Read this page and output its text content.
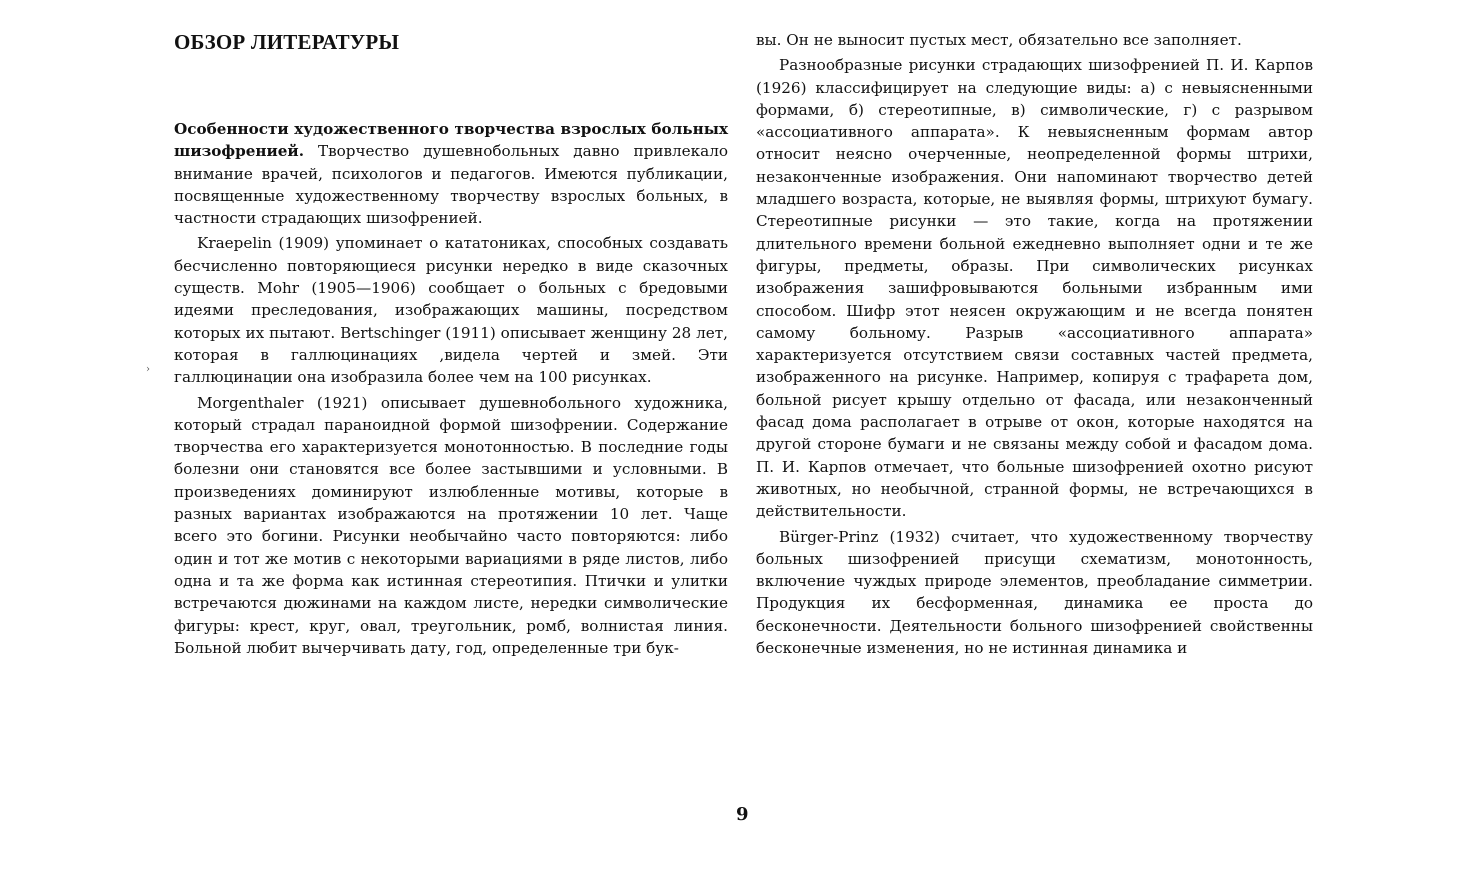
ОБЗОР ЛИТЕРАТУРЫ
›

Особенности художественного творчества взрослых больных шизофренией. Творчество душевнобольных давно привлекало внимание врачей, психологов и педагогов. Имеются публикации, посвященные художественному творчеству взрослых больных, в частности страдающих шизофренией.

Kraepelin (1909) упоминает о кататониках, способных создавать бесчисленно повторяющиеся рисунки нередко в виде сказочных существ. Mohr (1905—1906) сообщает о больных с бредовыми идеями преследования, изображающих машины, посредством которых их пытают. Bertschinger (1911) описывает женщину 28 лет, которая в галлюцинациях ,видела чертей и змей. Эти галлюцинации она изобразила более чем на 100 рисунках.

Morgenthaler (1921) описывает душевнобольного художника, который страдал параноидной формой шизофрении. Содержание творчества его характеризуется монотонностью. В последние годы болезни они становятся все более застывшими и условными. В произведениях доминируют излюбленные мотивы, которые в разных вариантах изображаются на протяжении 10 лет. Чаще всего это богини. Рисунки необычайно часто повторяются: либо один и тот же мотив с некоторыми вариациями в ряде листов, либо одна и та же форма как истинная стереотипия. Птички и улитки встречаются дюжинами на каждом листе, нередки символические фигуры: крест, круг, овал, треугольник, ромб, волнистая линия. Больной любит вычерчивать дату, год, определенные три бук-

вы. Он не выносит пустых мест, обязательно все заполняет.

Разнообразные рисунки страдающих шизофренией П. И. Карпов (1926) классифицирует на следующие виды: а) с невыясненными формами, б) стереотипные, в) символические, г) с разрывом «ассоциативного аппарата». К невыясненным формам автор относит неясно очерченные, неопределенной формы штрихи, незаконченные изображения. Они напоминают творчество детей младшего возраста, которые, не выявляя формы, штрихуют бумагу. Стереотипные рисунки — это такие, когда на протяжении длительного времени больной ежедневно выполняет одни и те же фигуры, предметы, образы. При символических рисунках изображения зашифровываются больными избранным ими способом. Шифр этот неясен окружающим и не всегда понятен самому больному. Разрыв «ассоциативного аппарата» характеризуется отсутствием связи составных частей предмета, изображенного на рисунке. Например, копируя с трафарета дом, больной рисует крышу отдельно от фасада, или незаконченный фасад дома располагает в отрыве от окон, которые находятся на другой стороне бумаги и не связаны между собой и фасадом дома. П. И. Карпов отмечает, что больные шизофренией охотно рисуют животных, но необычной, странной формы, не встречающихся в действительности.

Bürger-Prinz (1932) считает, что художественному творчеству больных шизофренией присущи схематизм, монотонность, включение чуждых природе элементов, преобладание симметрии. Продукция их бесформенная, динамика ее проста до бесконечности. Деятельности больного шизофренией свойственны бесконечные изменения, но не истинная динамика и

9
